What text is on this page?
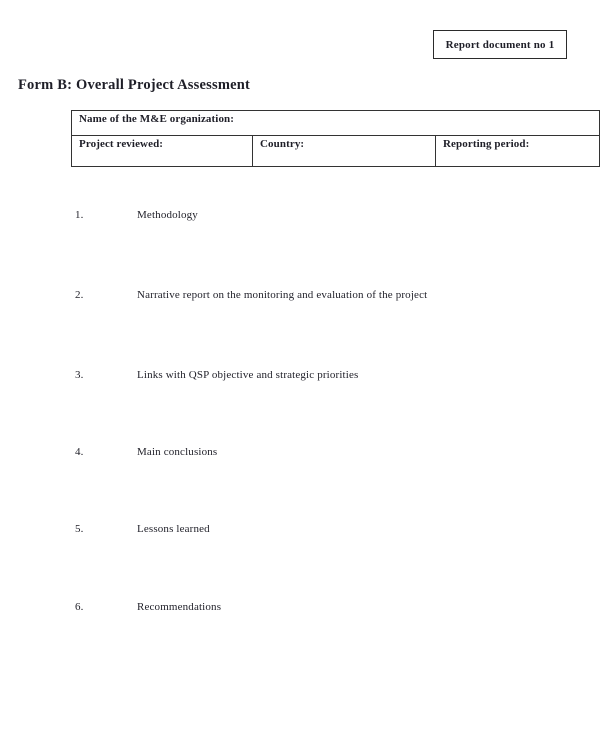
Report document no 1
Form B: Overall Project Assessment
Name of the M&E organization:
Project reviewed:	Country:	Reporting period:
1.	Methodology
2.	Narrative report on the monitoring and evaluation of the project
3.	Links with QSP objective and strategic priorities
4.	Main conclusions
5.	Lessons learned
6.	Recommendations
